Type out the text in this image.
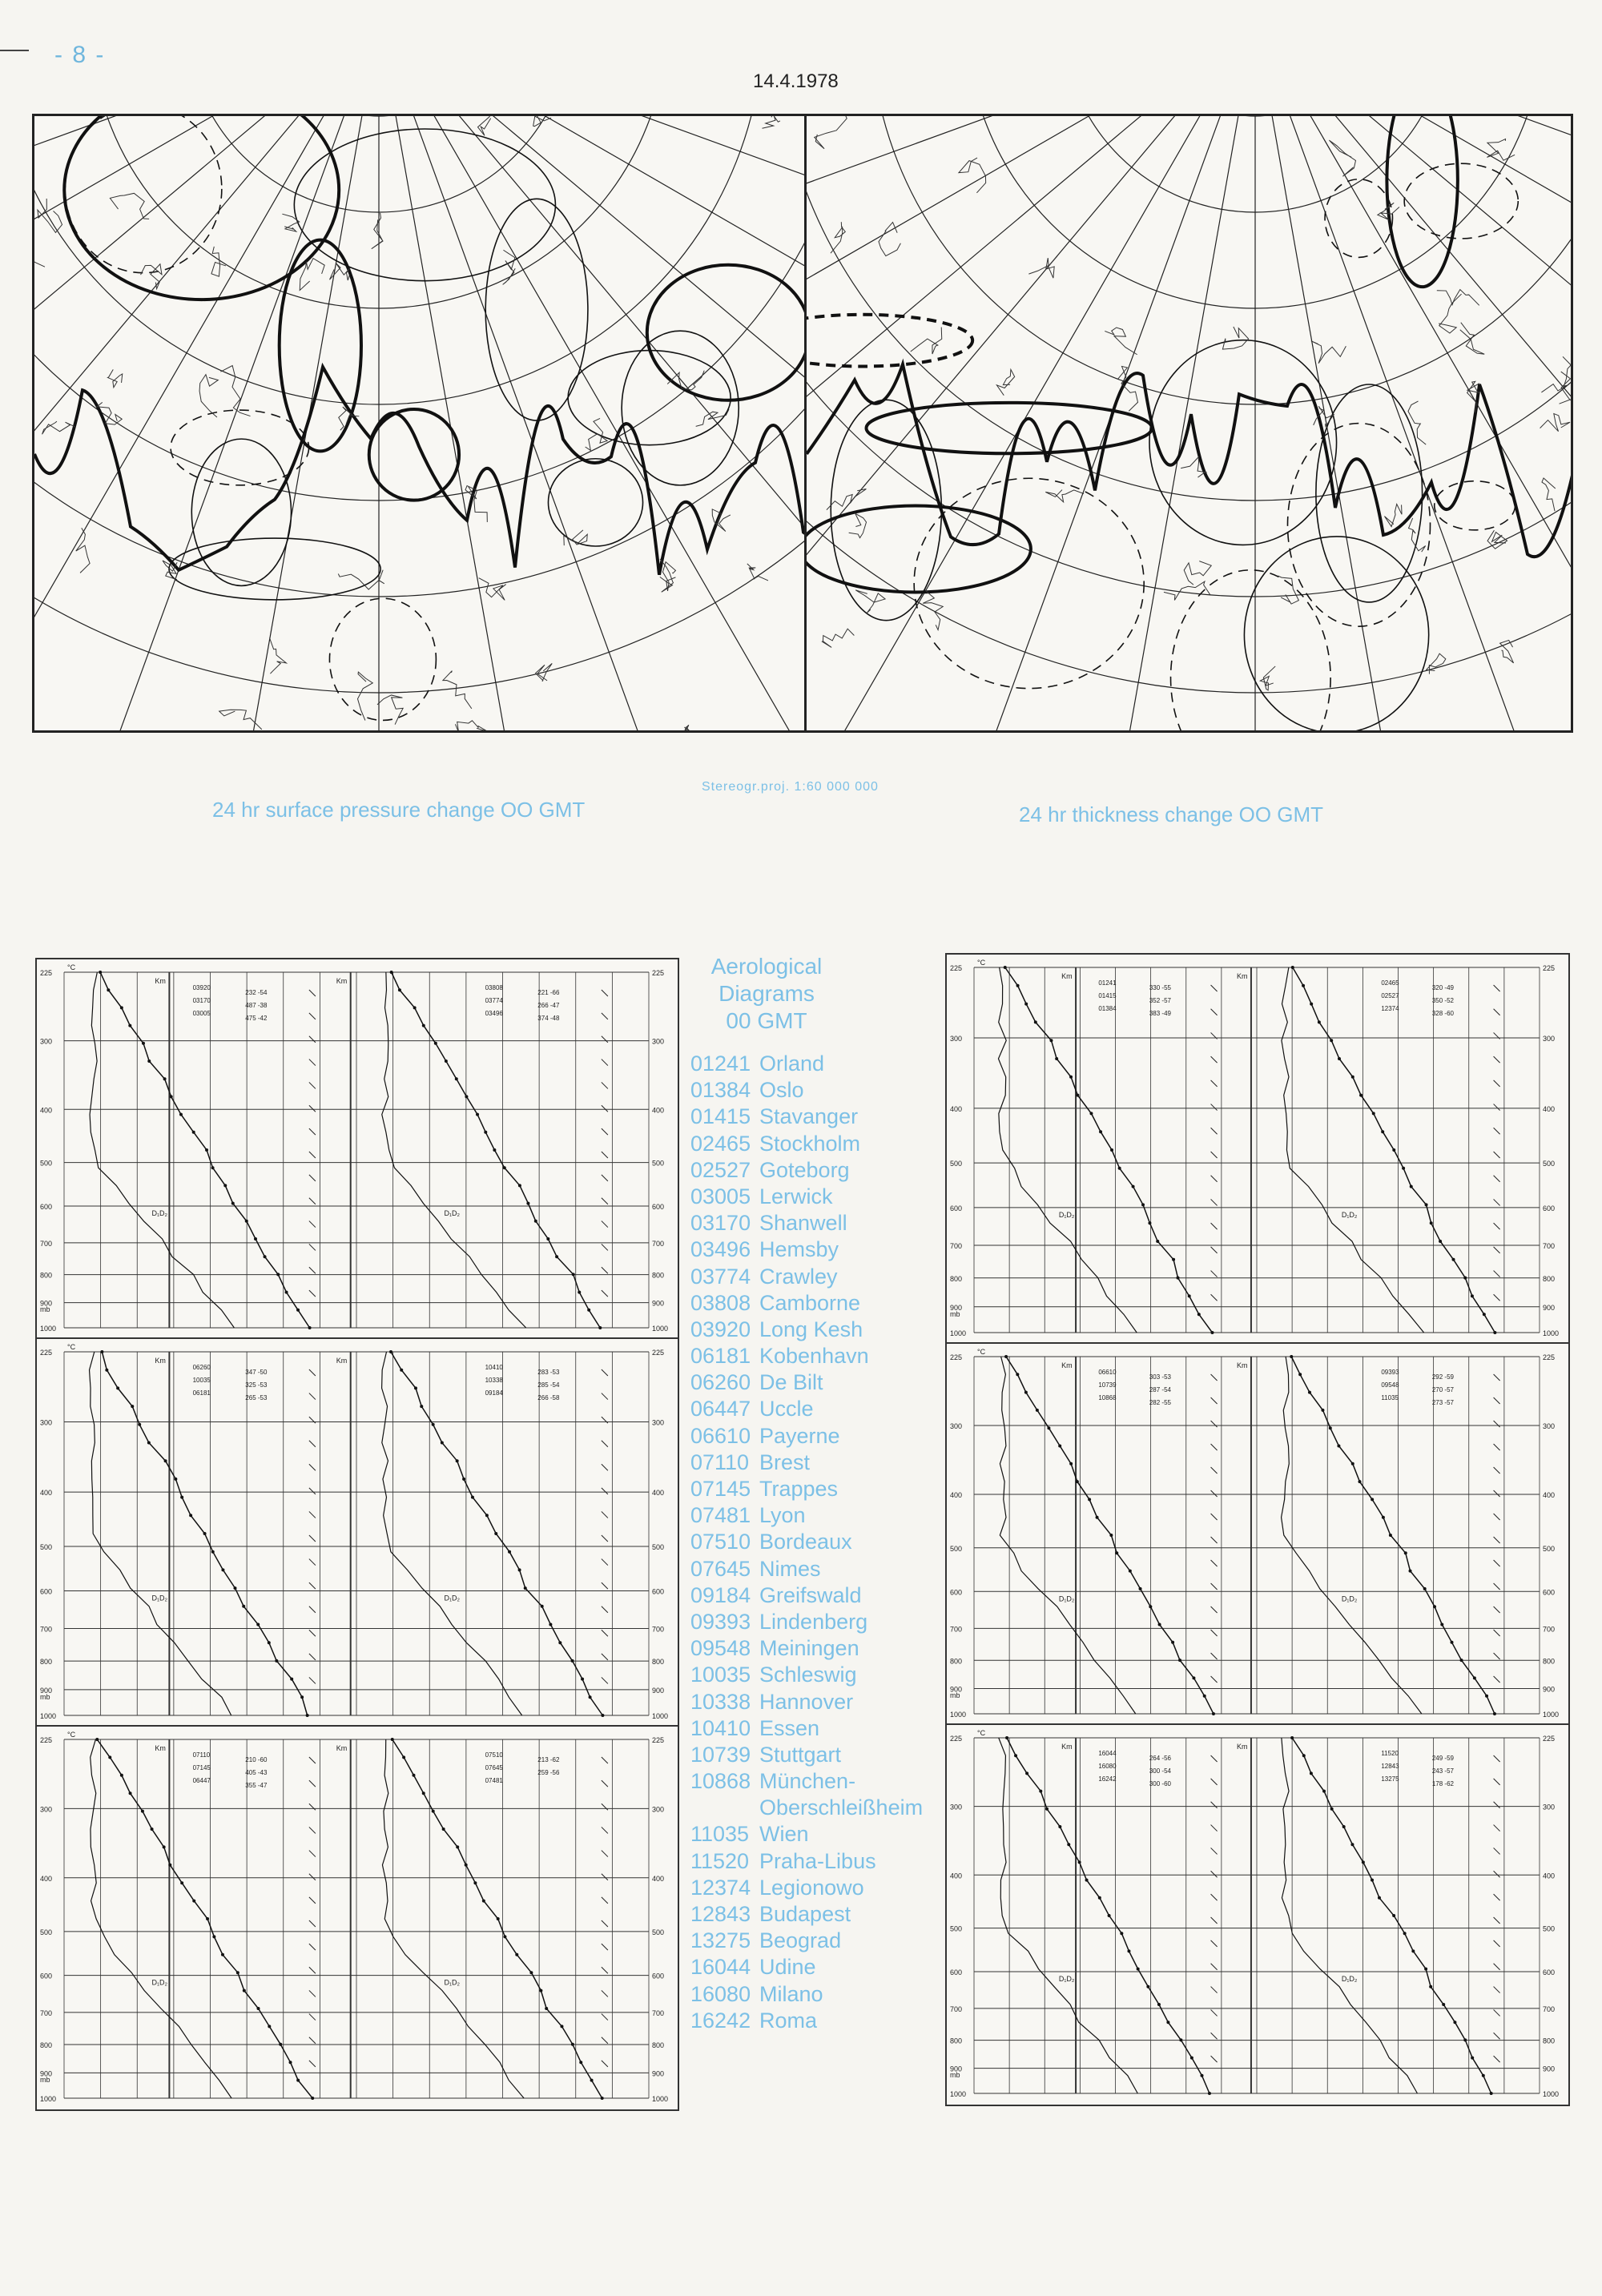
- 8 -
14.4.1978
24 hr surface pressure change OO GMT
Stereogr.proj. 1:60 000 000
24 hr thickness change OO GMT
225	225
300	300
400	400
500	500
600	600
700	700
800	800
900	900
1000	1000
Km	Km
03920
232 -54
03170
487 -38
03005
475 -42
D₁D₂
03808
221 -66
03774
266 -47
03496
374 -48
D₁D₂
°C
mb
225	225
300	300
400	400
500	500
600	600
700	700
800	800
900	900
1000	1000
Km	Km
06260
347 -50
10035
325 -53
06181
265 -53
D₁D₂
10410
283 -53
10338
285 -54
09184
266 -58
D₁D₂
°C
mb
225	225
300	300
400	400
500	500
600	600
700	700
800	800
900	900
1000	1000
Km	Km
07110
210 -60
07145
405 -43
06447
355 -47
D₁D₂
07510
213 -62
07645
259 -56
07481
D₁D₂
°C
mb
225	225
300	300
400	400
500	500
600	600
700	700
800	800
900	900
1000	1000
Km	Km
01241
330 -55
01415
352 -57
01384
383 -49
D₁D₂
02465
320 -49
02527
350 -52
12374
328 -60
D₁D₂
°C
mb
225	225
300	300
400	400
500	500
600	600
700	700
800	800
900	900
1000	1000
Km	Km
06610
303 -53
10739
287 -54
10868
282 -55
D₁D₂
09393
292 -59
09548
270 -57
11035
273 -57
D₁D₂
°C
mb
225	225
300	300
400	400
500	500
600	600
700	700
800	800
900	900
1000	1000
Km	Km
16044
264 -56
16080
300 -54
16242
300 -60
D₁D₂
11520
249 -59
12843
243 -57
13275
178 -62
D₁D₂
°C
mb
Aerological
Diagrams
00 GMT
01241 Orland
01384 Oslo
01415 Stavanger
02465 Stockholm
02527 Goteborg
03005 Lerwick
03170 Shanwell
03496 Hemsby
03774 Crawley
03808 Camborne
03920 Long Kesh
06181 Kobenhavn
06260 De Bilt
06447 Uccle
06610 Payerne
07110 Brest
07145 Trappes
07481 Lyon
07510 Bordeaux
07645 Nimes
09184 Greifswald
09393 Lindenberg
09548 Meiningen
10035 Schleswig
10338 Hannover
10410 Essen
10739 Stuttgart
10868 München-
Oberschleißheim
11035 Wien
11520 Praha-Libus
12374 Legionowo
12843 Budapest
13275 Beograd
16044 Udine
16080 Milano
16242 Roma
